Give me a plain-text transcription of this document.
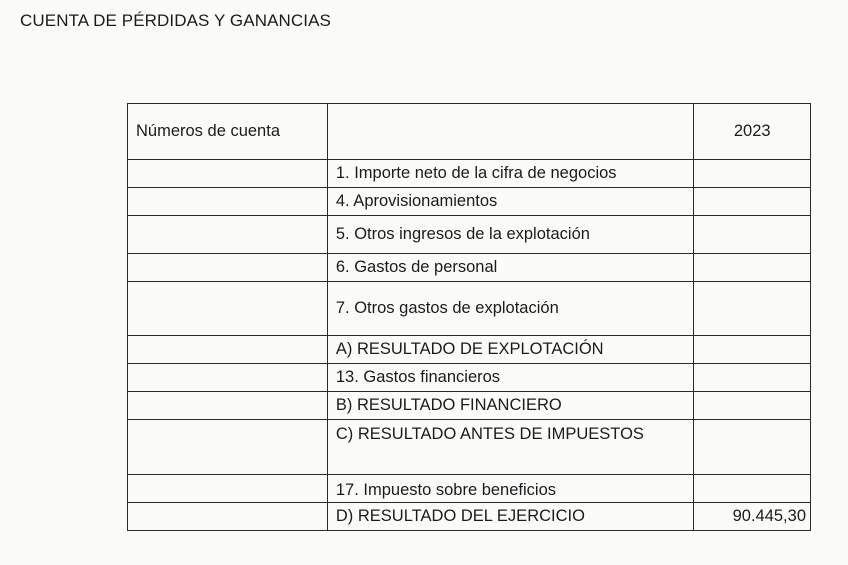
CUENTA DE PÉRDIDAS Y GANANCIAS
Números de cuenta		2023
	1. Importe neto de la cifra de negocios	
	4. Aprovisionamientos	
	5. Otros ingresos de la explotación	
	6. Gastos de personal	
	7. Otros gastos de explotación	
	A) RESULTADO DE EXPLOTACIÓN	
	13. Gastos financieros	
	B) RESULTADO FINANCIERO	
	C) RESULTADO ANTES DE IMPUESTOS	
	17. Impuesto sobre beneficios	
	D) RESULTADO DEL EJERCICIO	90.445,30
